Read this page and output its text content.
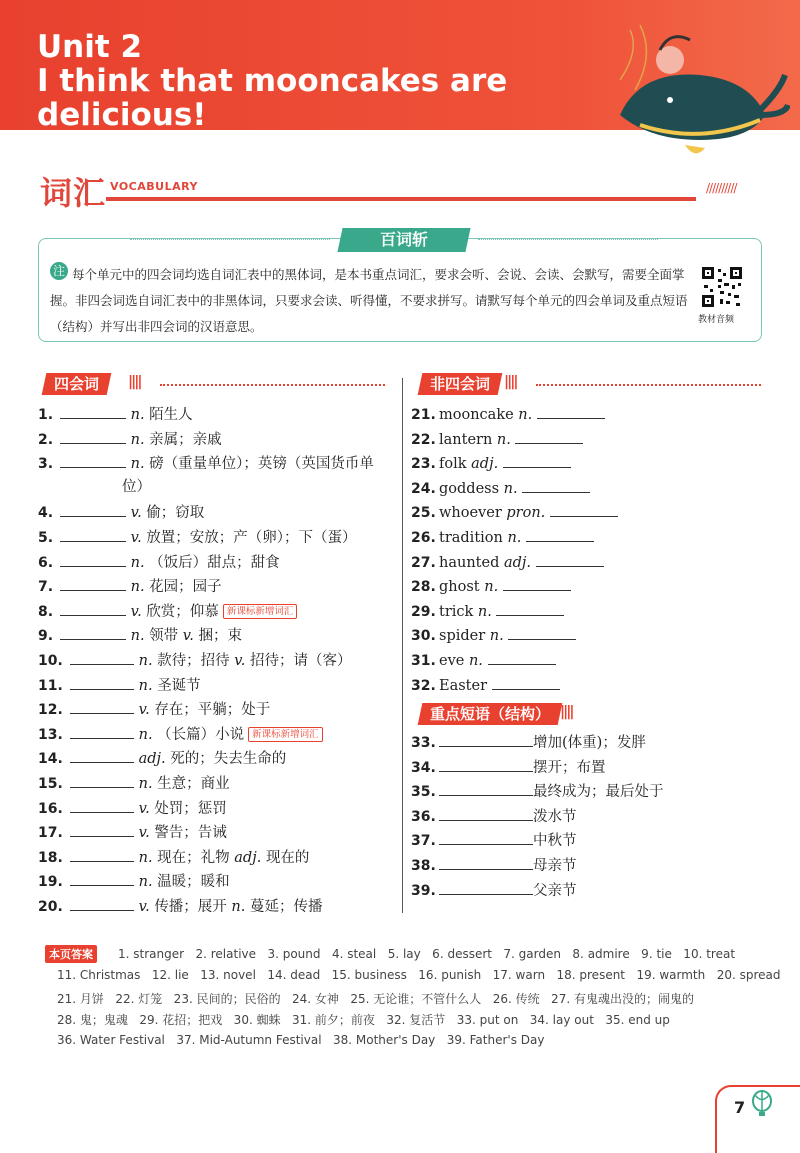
Unit 2
I think that mooncakes are
delicious!
词汇 VOCABULARY	//////////
百词斩
每个单元中的四会词均选自词汇表中的黑体词，是本书重点词汇，要求会听、会说、会读、会默写，需要全面掌握。非四会词选自词汇表中的非黑体词，只要求会读、听得懂，不要求拼写。请默写每个单元的四会单词及重点短语（结构）并写出非四会词的汉语意思。
注
教材音频
四会词	||||	非四会词 ||||
重点短语（结构） ||||
1.	n. 陌生人
2.	n. 亲属；亲戚
3.	n. 磅（重量单位）；英镑（英国货币单
位）
4.	v. 偷；窃取
5.	v. 放置；安放；产（卵）；下（蛋）
6.	n. （饭后）甜点；甜食
7.	n. 花园；园子
8.	v. 欣赏；仰慕 新课标新增词汇
9.	n. 领带 v. 捆；束
10.	n. 款待；招待 v. 招待；请（客）
11.	n. 圣诞节
12.	v. 存在；平躺；处于
13.	n. （长篇）小说 新课标新增词汇
14.	adj. 死的；失去生命的
15.	n. 生意；商业
16.	v. 处罚；惩罚
17.	v. 警告；告诫
18.	n. 现在；礼物 adj. 现在的
19.	n. 温暖；暖和
20.	v. 传播；展开 n. 蔓延；传播
21. mooncake n.
22. lantern n.
23. folk adj.
24. goddess n.
25. whoever pron.
26. tradition n.
27. haunted adj.
28. ghost n.
29. trick n.
30. spider n.
31. eve n.
32. Easter
33.	增加(体重)；发胖
34.	摆开；布置
35.	最终成为；最后处于
36.	泼水节
37.	中秋节
38.	母亲节
39.	父亲节
本页答案	1. stranger   2. relative   3. pound   4. steal   5. lay   6. dessert   7. garden   8. admire   9. tie   10. treat
11. Christmas   12. lie   13. novel   14. dead   15. business   16. punish   17. warn   18. present   19. warmth   20. spread
21. 月饼   22. 灯笼   23. 民间的；民俗的   24. 女神   25. 无论谁；不管什么人   26. 传统   27. 有鬼魂出没的；闹鬼的
28. 鬼；鬼魂   29. 花招；把戏   30. 蜘蛛   31. 前夕；前夜   32. 复活节   33. put on   34. lay out   35. end up
36. Water Festival   37. Mid-Autumn Festival   38. Mother's Day   39. Father's Day
7
